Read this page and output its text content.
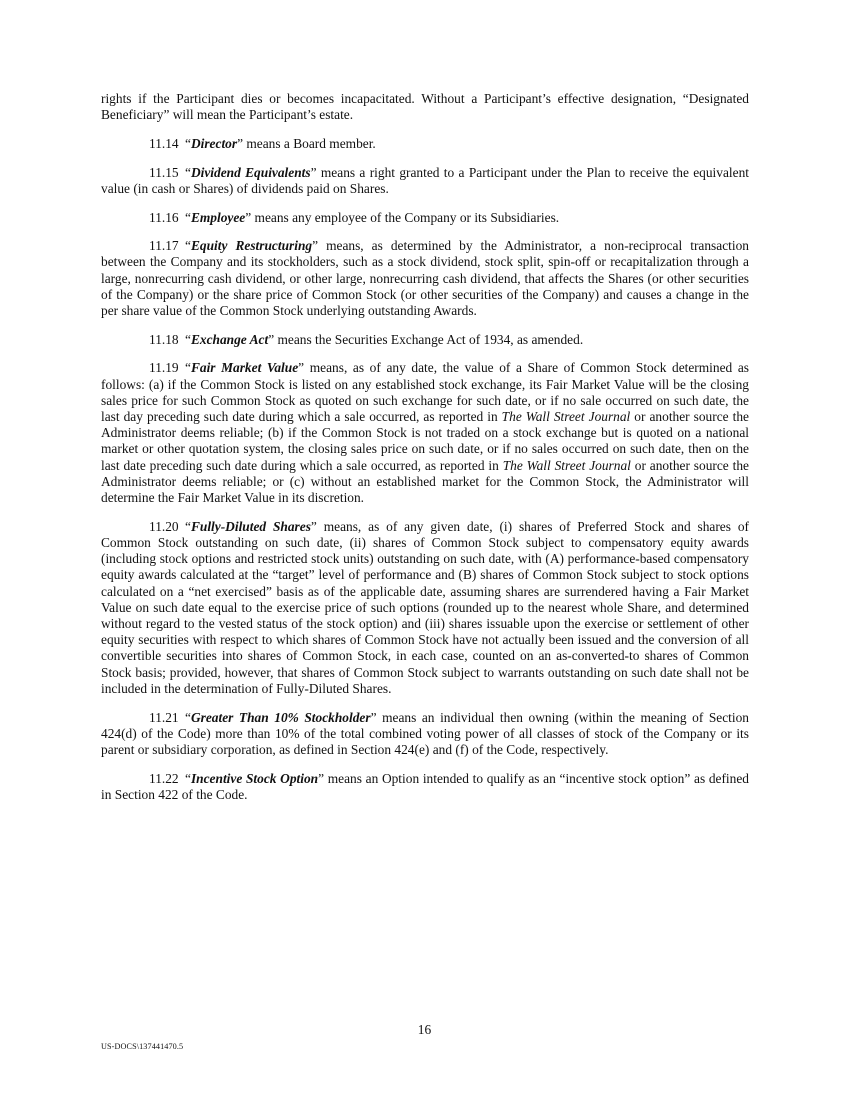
rights if the Participant dies or becomes incapacitated. Without a Participant’s effective designation, “Designated Beneficiary” will mean the Participant’s estate.

11.14 “Director” means a Board member.

11.15 “Dividend Equivalents” means a right granted to a Participant under the Plan to receive the equivalent value (in cash or Shares) of dividends paid on Shares.

11.16 “Employee” means any employee of the Company or its Subsidiaries.

11.17 “Equity Restructuring” means, as determined by the Administrator, a non-reciprocal transaction between the Company and its stockholders, such as a stock dividend, stock split, spin-off or recapitalization through a large, nonrecurring cash dividend, or other large, nonrecurring cash dividend, that affects the Shares (or other securities of the Company) or the share price of Common Stock (or other securities of the Company) and causes a change in the per share value of the Common Stock underlying outstanding Awards.

11.18 “Exchange Act” means the Securities Exchange Act of 1934, as amended.

11.19 “Fair Market Value” means, as of any date, the value of a Share of Common Stock determined as follows: (a) if the Common Stock is listed on any established stock exchange, its Fair Market Value will be the closing sales price for such Common Stock as quoted on such exchange for such date, or if no sale occurred on such date, the last day preceding such date during which a sale occurred, as reported in The Wall Street Journal or another source the Administrator deems reliable; (b) if the Common Stock is not traded on a stock exchange but is quoted on a national market or other quotation system, the closing sales price on such date, or if no sales occurred on such date, then on the last date preceding such date during which a sale occurred, as reported in The Wall Street Journal or another source the Administrator deems reliable; or (c) without an established market for the Common Stock, the Administrator will determine the Fair Market Value in its discretion.

11.20 “Fully-Diluted Shares” means, as of any given date, (i) shares of Preferred Stock and shares of Common Stock outstanding on such date, (ii) shares of Common Stock subject to compensatory equity awards (including stock options and restricted stock units) outstanding on such date, with (A) performance-based compensatory equity awards calculated at the “target” level of performance and (B) shares of Common Stock subject to stock options calculated on a “net exercised” basis as of the applicable date, assuming shares are surrendered having a Fair Market Value on such date equal to the exercise price of such options (rounded up to the nearest whole Share, and determined without regard to the vested status of the stock option) and (iii) shares issuable upon the exercise or settlement of other equity securities with respect to which shares of Common Stock have not actually been issued and the conversion of all convertible securities into shares of Common Stock, in each case, counted on an as-converted-to shares of Common Stock basis; provided, however, that shares of Common Stock subject to warrants outstanding on such date shall not be included in the determination of Fully-Diluted Shares.

11.21 “Greater Than 10% Stockholder” means an individual then owning (within the meaning of Section 424(d) of the Code) more than 10% of the total combined voting power of all classes of stock of the Company or its parent or subsidiary corporation, as defined in Section 424(e) and (f) of the Code, respectively.

11.22 “Incentive Stock Option” means an Option intended to qualify as an “incentive stock option” as defined in Section 422 of the Code.

16
US-DOCS\137441470.5
